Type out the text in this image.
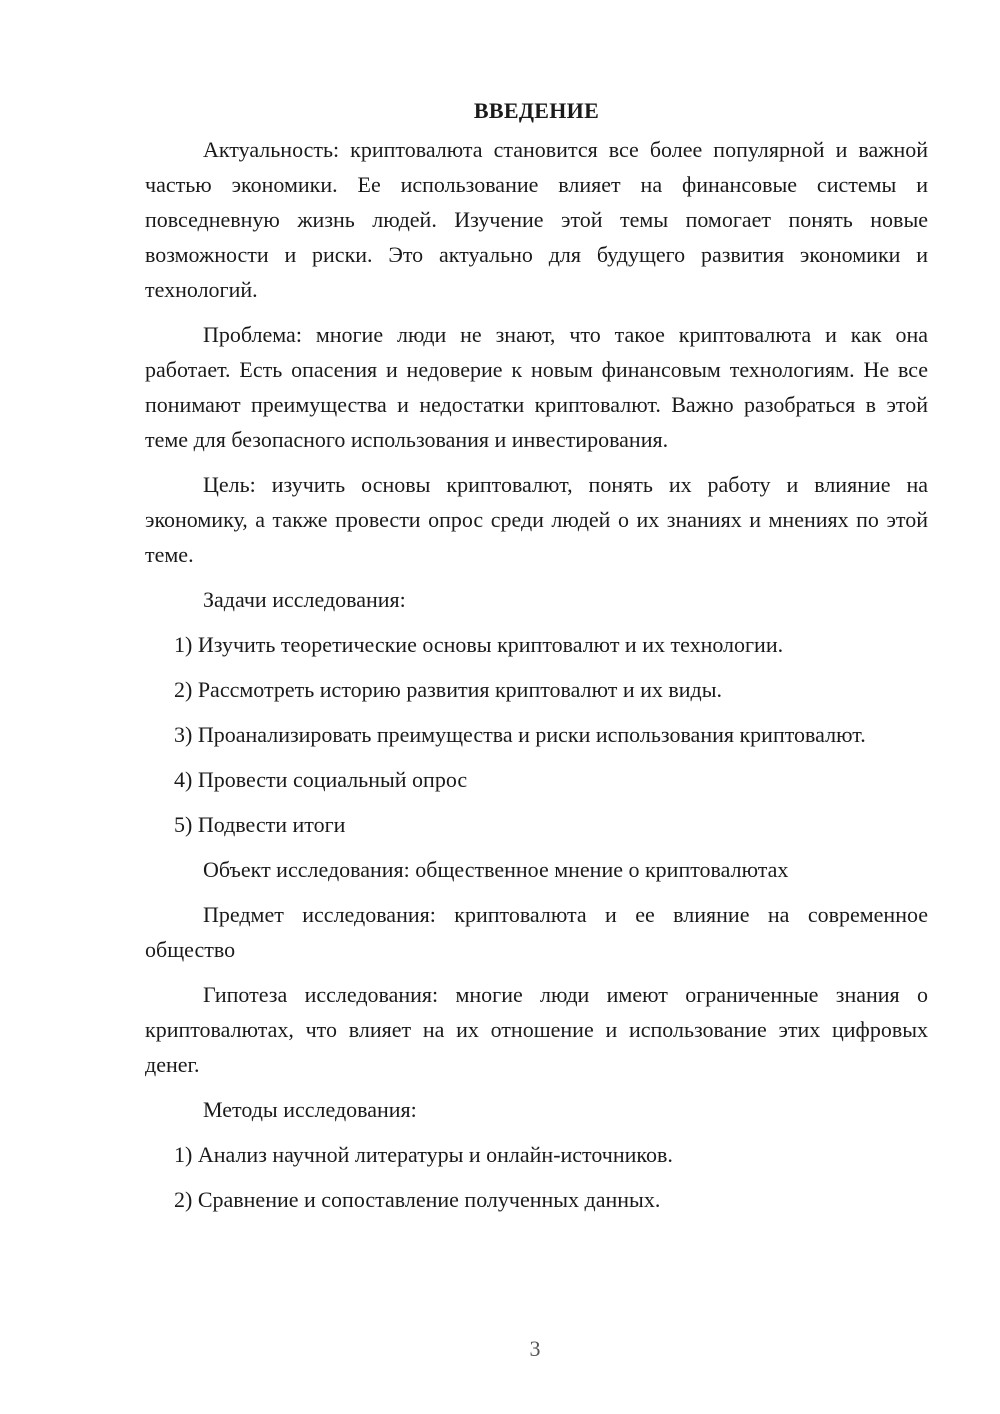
ВВЕДЕНИЕ

Актуальность: криптовалюта становится все более популярной и важной частью экономики. Ее использование влияет на финансовые системы и повседневную жизнь людей. Изучение этой темы помогает понять новые возможности и риски. Это актуально для будущего развития экономики и технологий.

Проблема: многие люди не знают, что такое криптовалюта и как она работает. Есть опасения и недоверие к новым финансовым технологиям. Не все понимают преимущества и недостатки криптовалют. Важно разобраться в этой теме для безопасного использования и инвестирования.

Цель: изучить основы криптовалют, понять их работу и влияние на экономику, а также провести опрос среди людей о их знаниях и мнениях по этой теме.

Задачи исследования:

1) Изучить теоретические основы криптовалют и их технологии.

2) Рассмотреть историю развития криптовалют и их виды.

3) Проанализировать преимущества и риски использования криптовалют.

4) Провести социальный опрос

5) Подвести итоги

Объект исследования: общественное мнение о криптовалютах

Предмет исследования: криптовалюта и ее влияние на современное общество

Гипотеза исследования: многие люди имеют ограниченные знания о криптовалютах, что влияет на их отношение и использование этих цифровых денег.

Методы исследования:

1) Анализ научной литературы и онлайн-источников.

2) Сравнение и сопоставление полученных данных.

3
